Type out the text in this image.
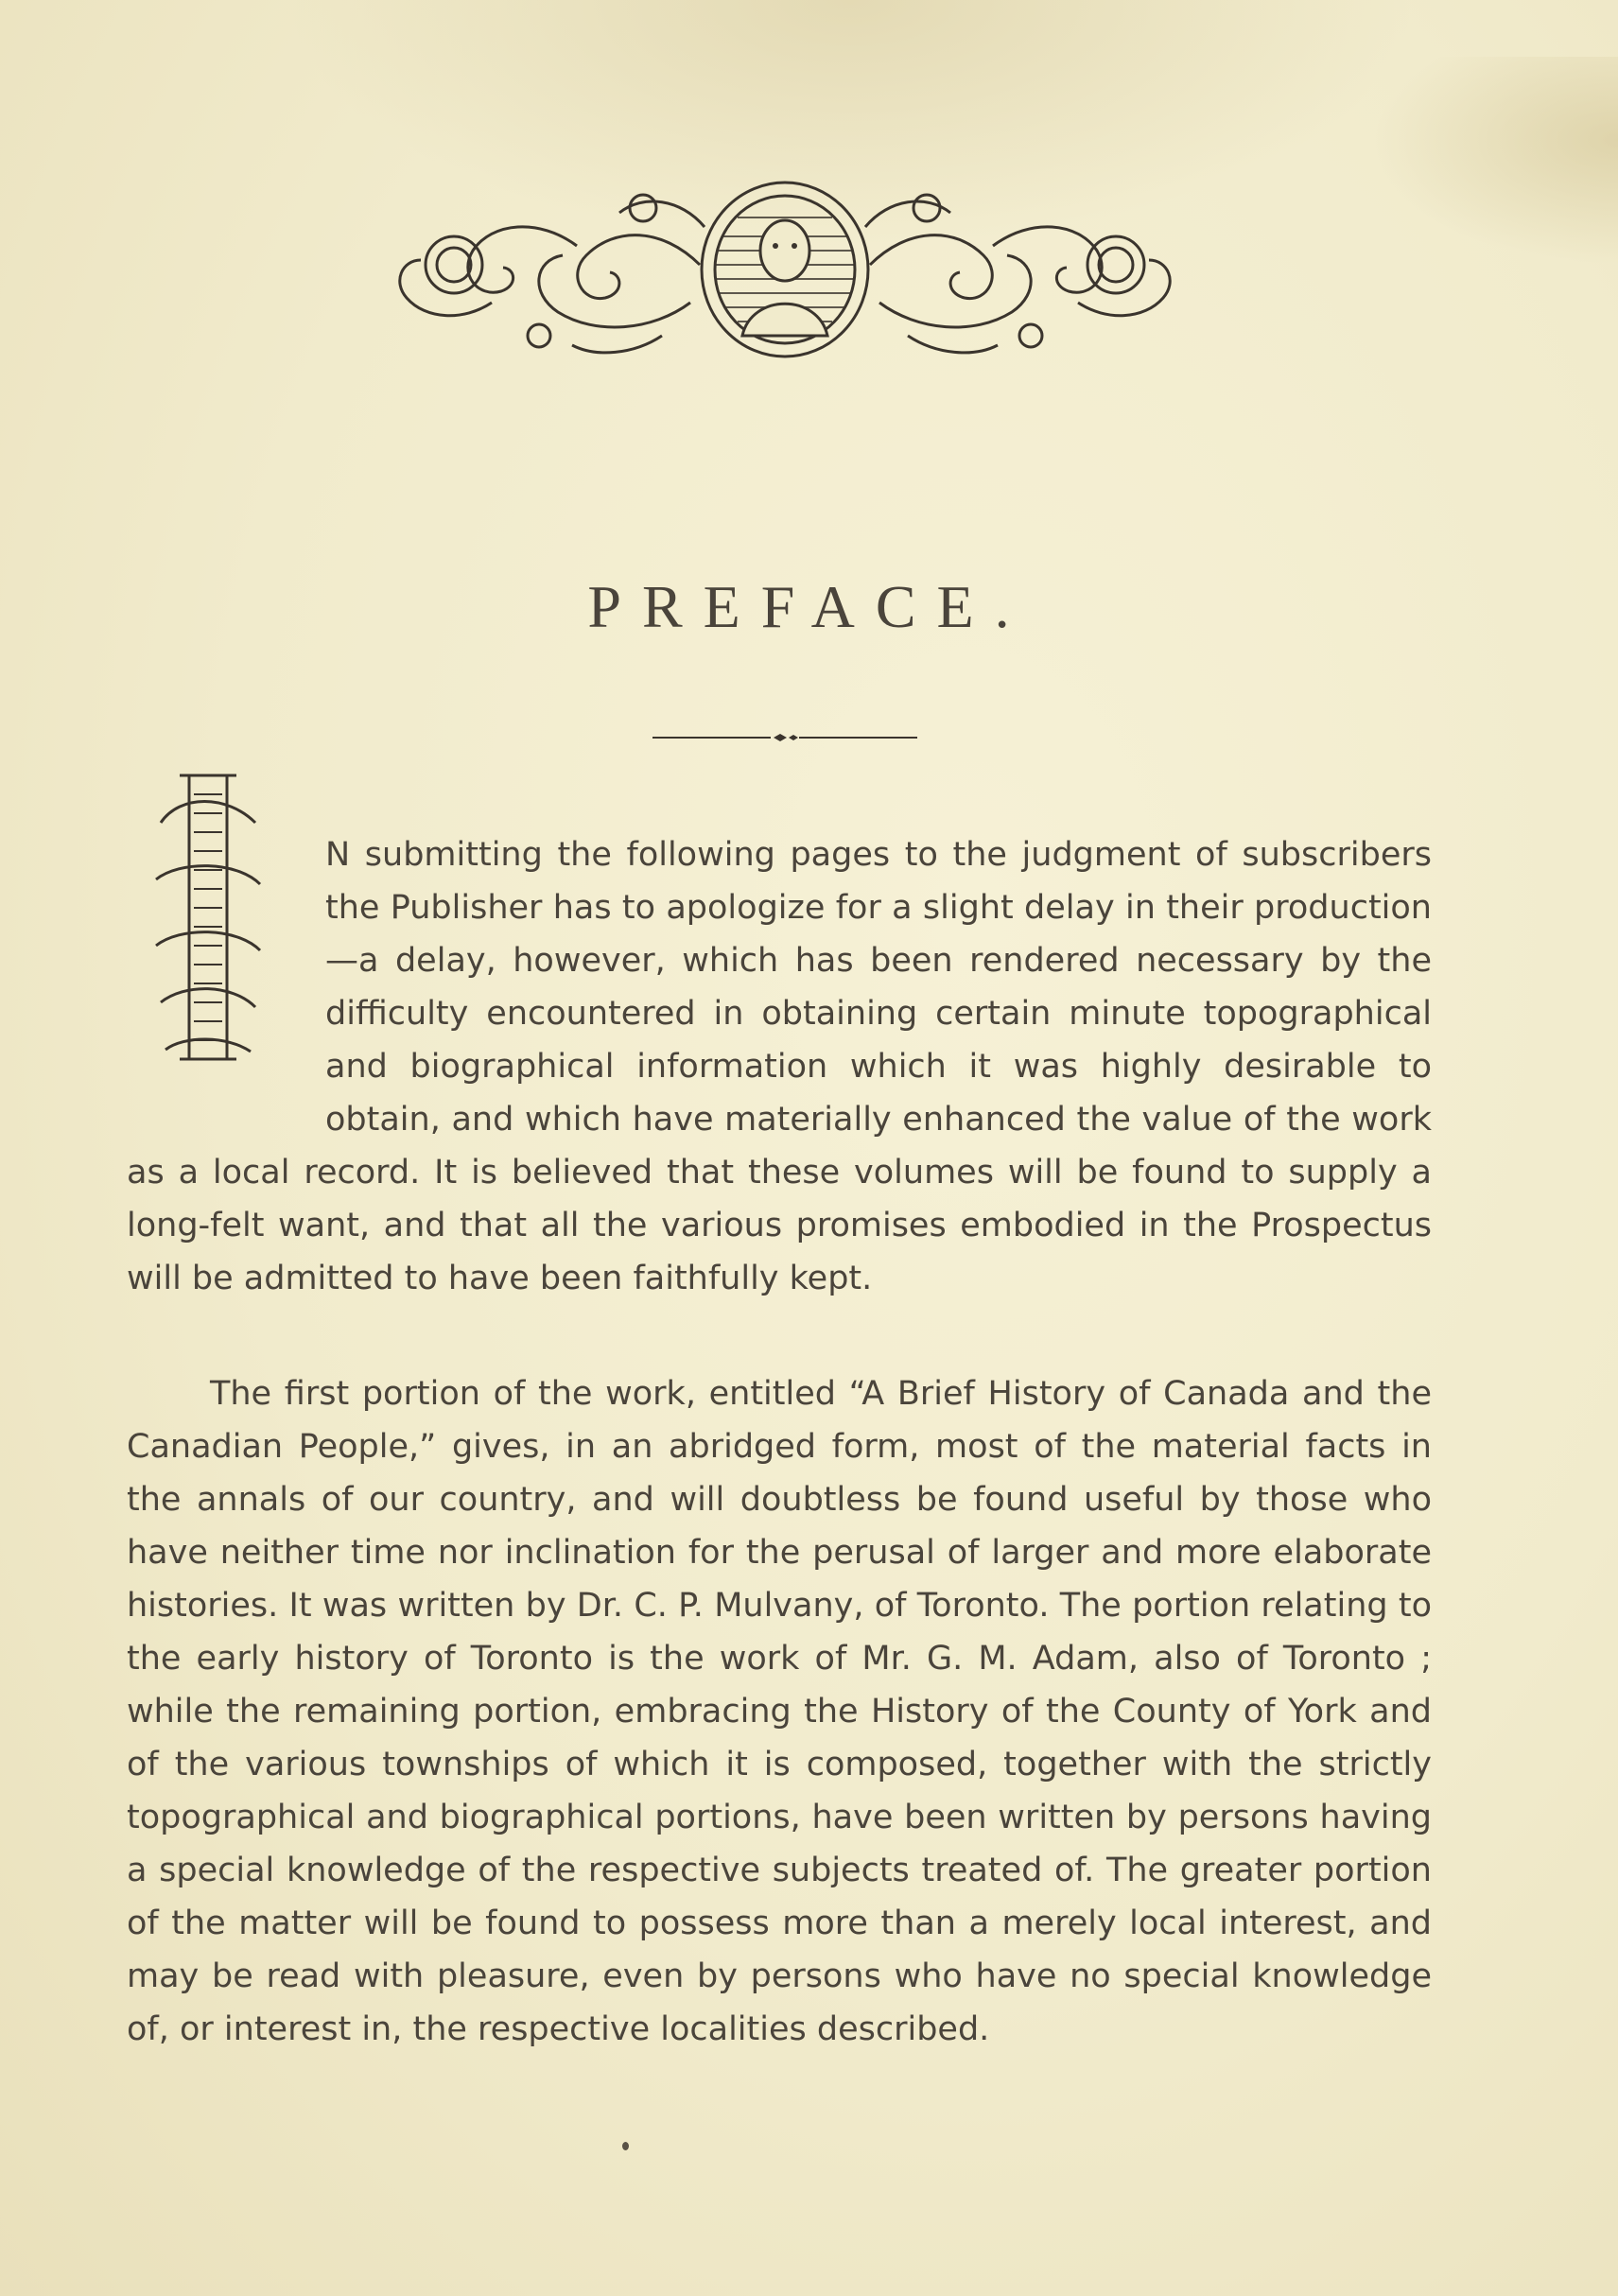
PREFACE.

N submitting the following pages to the judgment of subscribers the Publisher has to apologize for a slight delay in their production—a delay, however, which has been rendered necessary by the difficulty encountered in obtaining certain minute topographical and biographical information which it was highly desirable to obtain, and which have materially enhanced the value of the work as a local record. It is believed that these volumes will be found to supply a long-felt want, and that all the various promises embodied in the Prospectus will be admitted to have been faithfully kept.

The first portion of the work, entitled “A Brief History of Canada and the Canadian People,” gives, in an abridged form, most of the material facts in the annals of our country, and will doubtless be found useful by those who have neither time nor inclination for the perusal of larger and more elaborate histories. It was written by Dr. C. P. Mulvany, of Toronto. The portion relating to the early history of Toronto is the work of Mr. G. M. Adam, also of Toronto ; while the remaining portion, embracing the History of the County of York and of the various townships of which it is composed, together with the strictly topographical and biographical portions, have been written by persons having a special knowledge of the respective subjects treated of. The greater portion of the matter will be found to possess more than a merely local interest, and may be read with pleasure, even by persons who have no special knowledge of, or interest in, the respective localities described.
